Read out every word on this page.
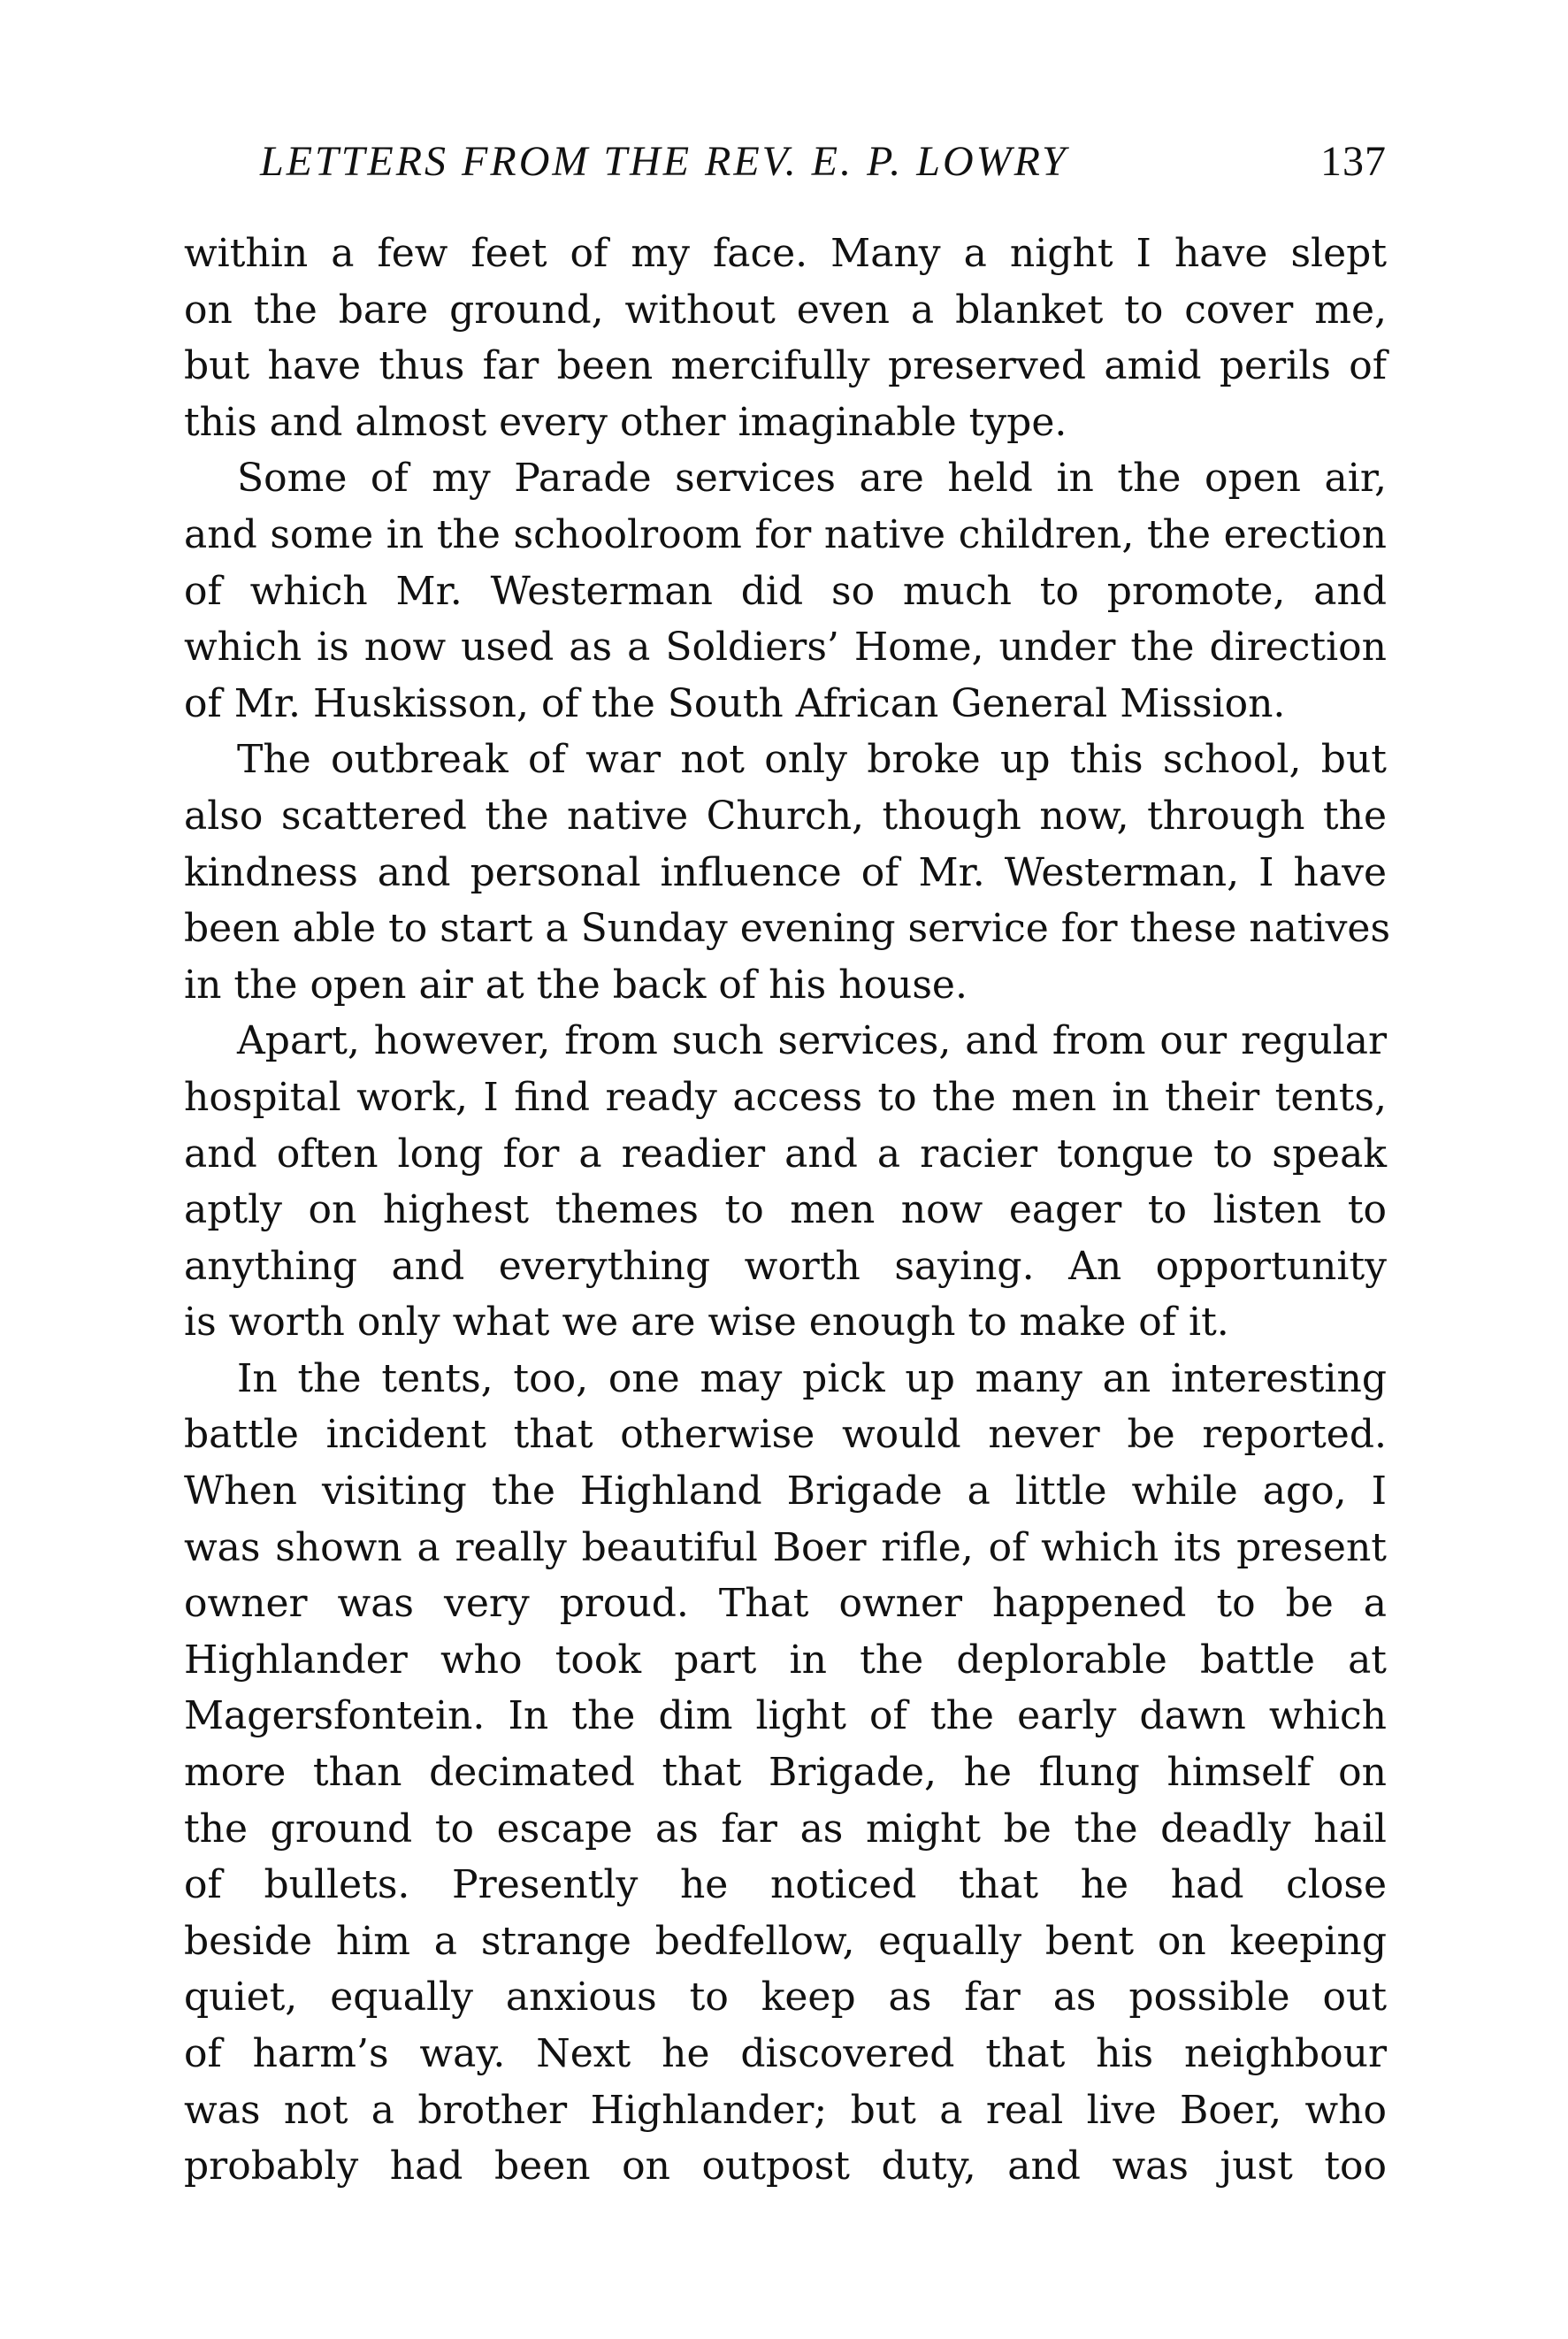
LETTERS FROM THE REV. E. P. LOWRY	137
within a few feet of my face. Many a night I have slept
on the bare ground, without even a blanket to cover me,
but have thus far been mercifully preserved amid perils of
this and almost every other imaginable type.
Some of my Parade services are held in the open air,
and some in the schoolroom for native children, the erection
of which Mr. Westerman did so much to promote, and
which is now used as a Soldiers’ Home, under the direction
of Mr. Huskisson, of the South African General Mission.
The outbreak of war not only broke up this school, but
also scattered the native Church, though now, through the
kindness and personal influence of Mr. Westerman, I have
been able to start a Sunday evening service for these natives
in the open air at the back of his house.
Apart, however, from such services, and from our regular
hospital work, I find ready access to the men in their tents,
and often long for a readier and a racier tongue to speak
aptly on highest themes to men now eager to listen to
anything and everything worth saying. An opportunity
is worth only what we are wise enough to make of it.
In the tents, too, one may pick up many an interesting
battle incident that otherwise would never be reported.
When visiting the Highland Brigade a little while ago, I
was shown a really beautiful Boer rifle, of which its present
owner was very proud. That owner happened to be a
Highlander who took part in the deplorable battle at
Magersfontein. In the dim light of the early dawn which
more than decimated that Brigade, he flung himself on
the ground to escape as far as might be the deadly hail
of bullets. Presently he noticed that he had close
beside him a strange bedfellow, equally bent on keeping
quiet, equally anxious to keep as far as possible out
of harm’s way. Next he discovered that his neighbour
was not a brother Highlander; but a real live Boer, who
probably had been on outpost duty, and was just too
